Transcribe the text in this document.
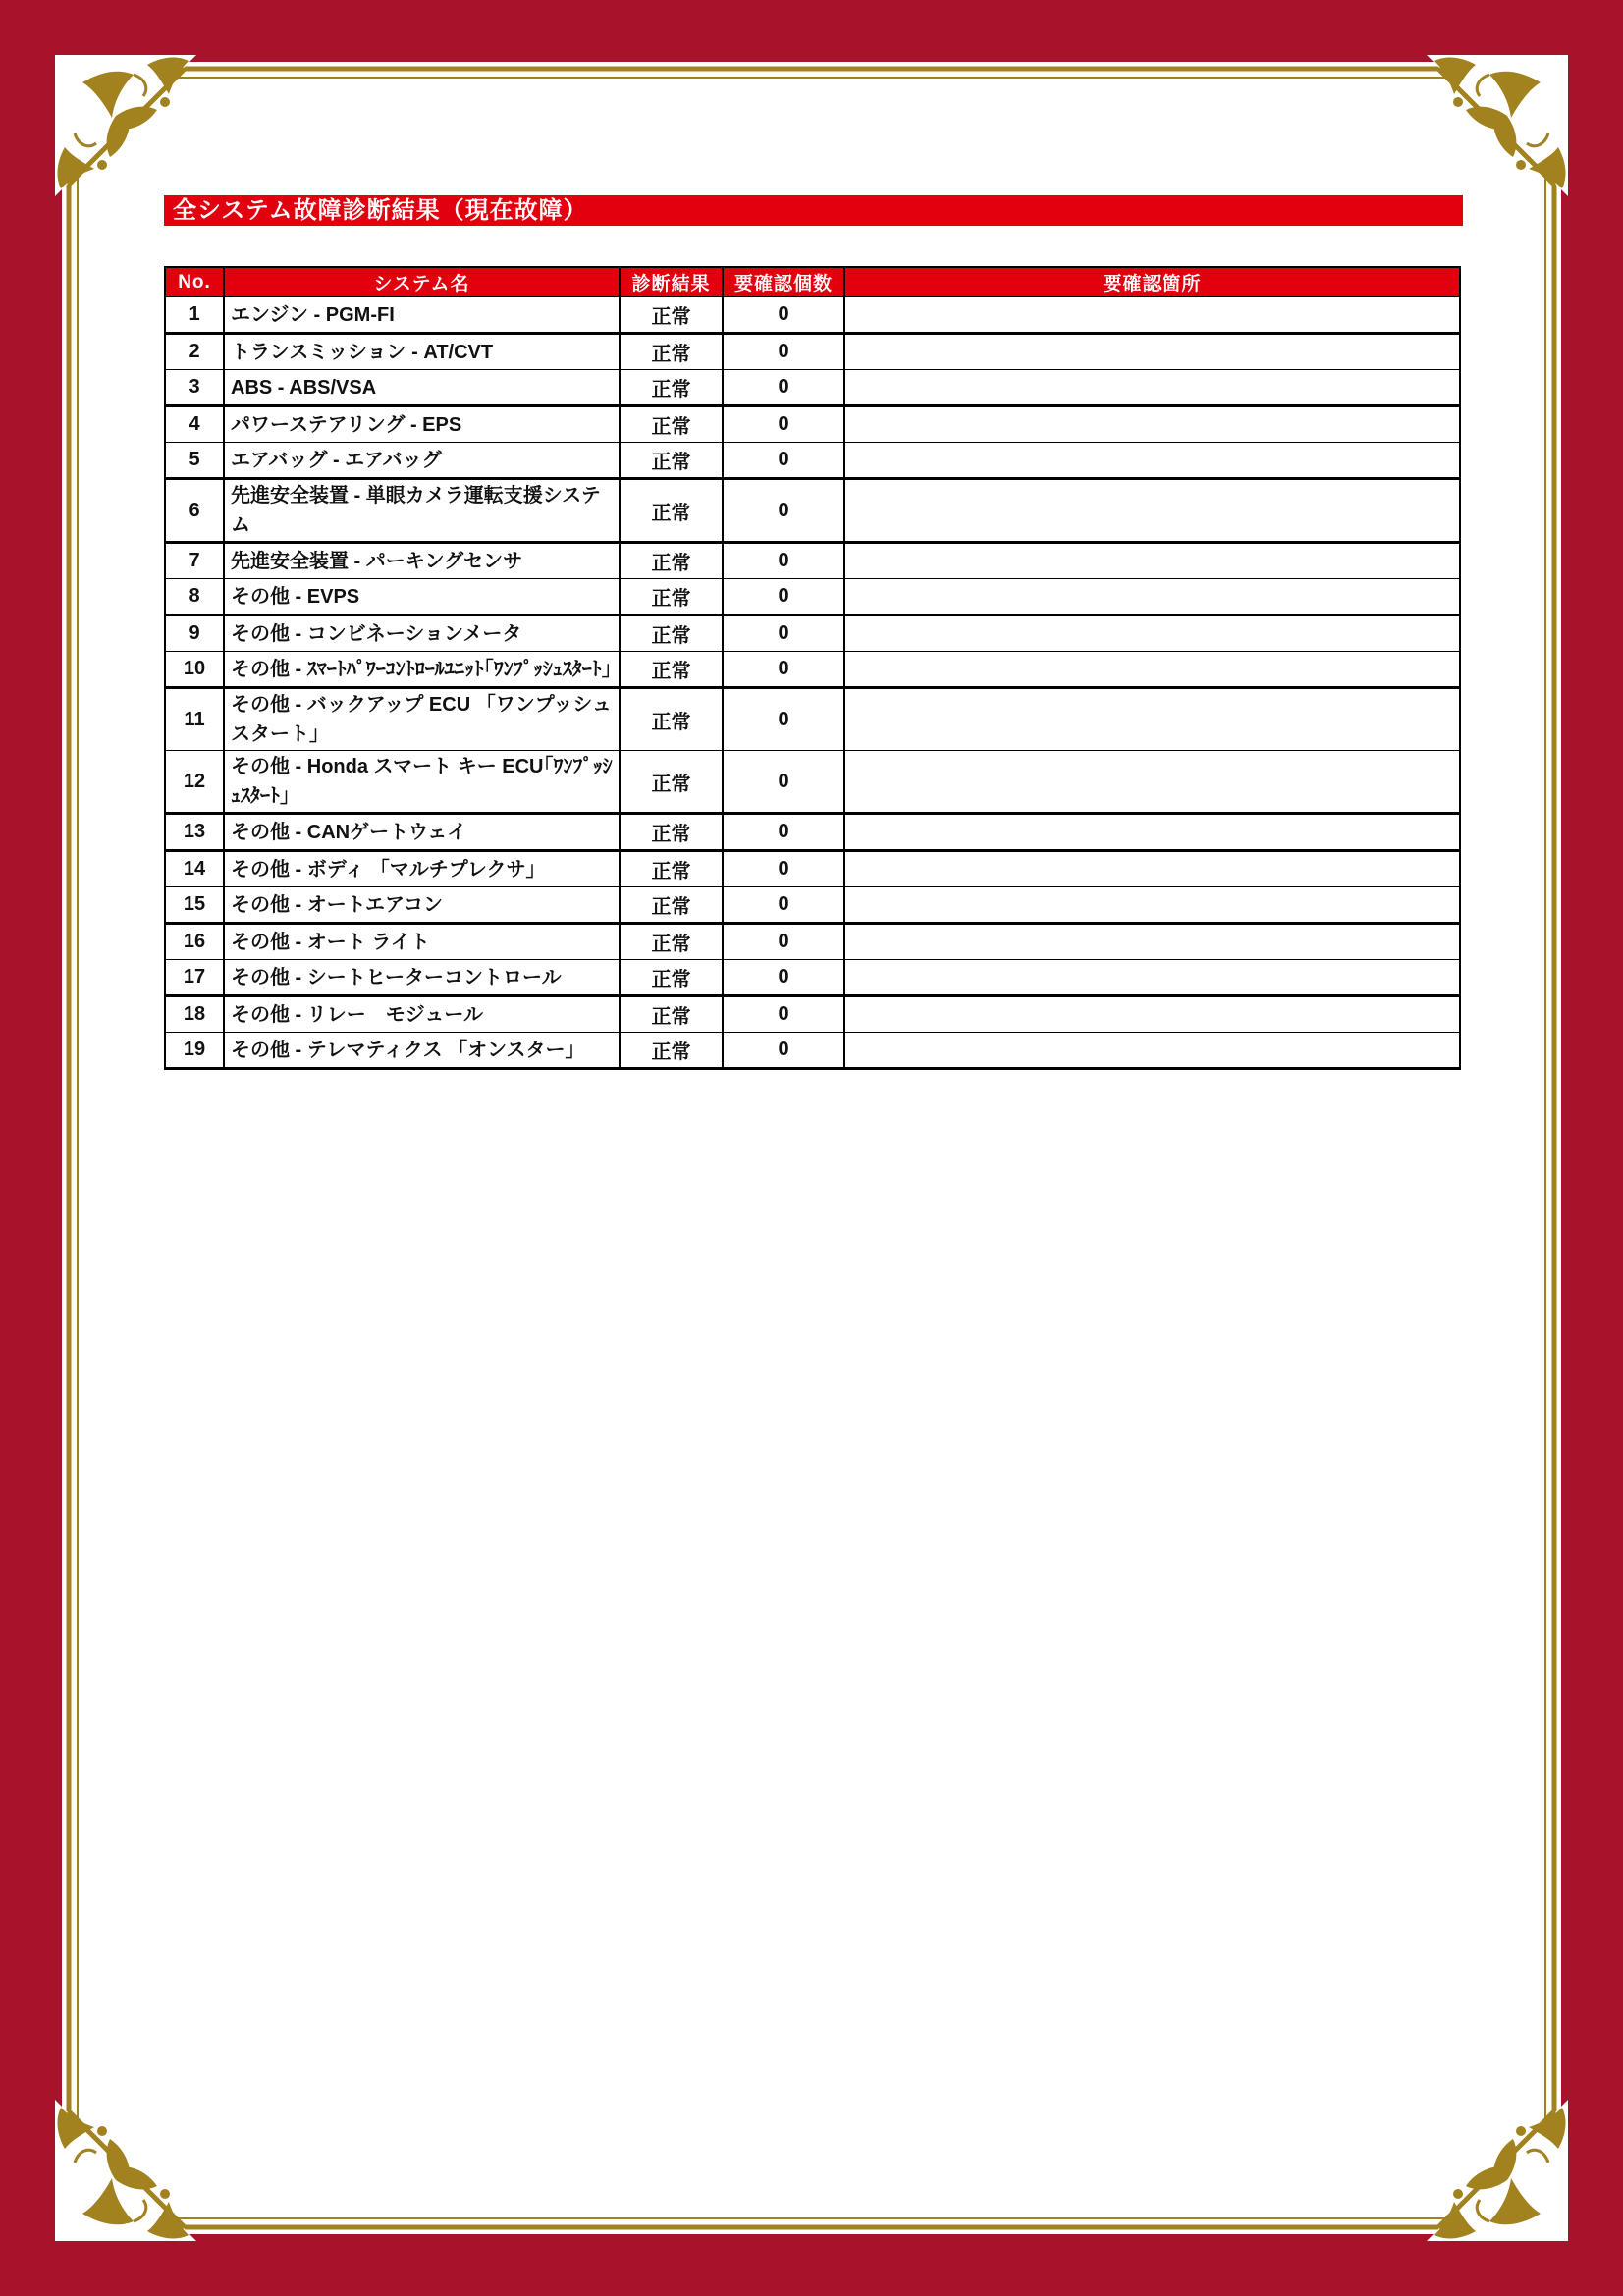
全システム故障診断結果（現在故障）
No.	システム名	診断結果	要確認個数	要確認箇所
1	エンジン - PGM-FI	正常	0	
2	トランスミッション - AT/CVT	正常	0	
3	ABS - ABS/VSA	正常	0	
4	パワーステアリング - EPS	正常	0	
5	エアバッグ - エアバッグ	正常	0	
6	先進安全装置 - 単眼カメラ運転支援システム	正常	0	
7	先進安全装置 - パーキングセンサ	正常	0	
8	その他 - EVPS	正常	0	
9	その他 - コンビネーションメータ	正常	0	
10	その他 - ｽﾏｰﾄﾊﾟﾜｰｺﾝﾄﾛｰﾙﾕﾆｯﾄ｢ﾜﾝﾌﾟｯｼｭｽﾀｰﾄ｣	正常	0	
11	その他 - バックアップ ECU 「ワンプッシュスタート」	正常	0	
12	その他 - Honda スマート キー ECU｢ﾜﾝﾌﾟｯｼｭｽﾀｰﾄ｣	正常	0	
13	その他 - CANゲートウェイ	正常	0	
14	その他 - ボディ 「マルチプレクサ」	正常	0	
15	その他 - オートエアコン	正常	0	
16	その他 - オート ライト	正常	0	
17	その他 - シートヒーターコントロール	正常	0	
18	その他 - リレー　モジュール	正常	0	
19	その他 - テレマティクス 「オンスター」	正常	0	
